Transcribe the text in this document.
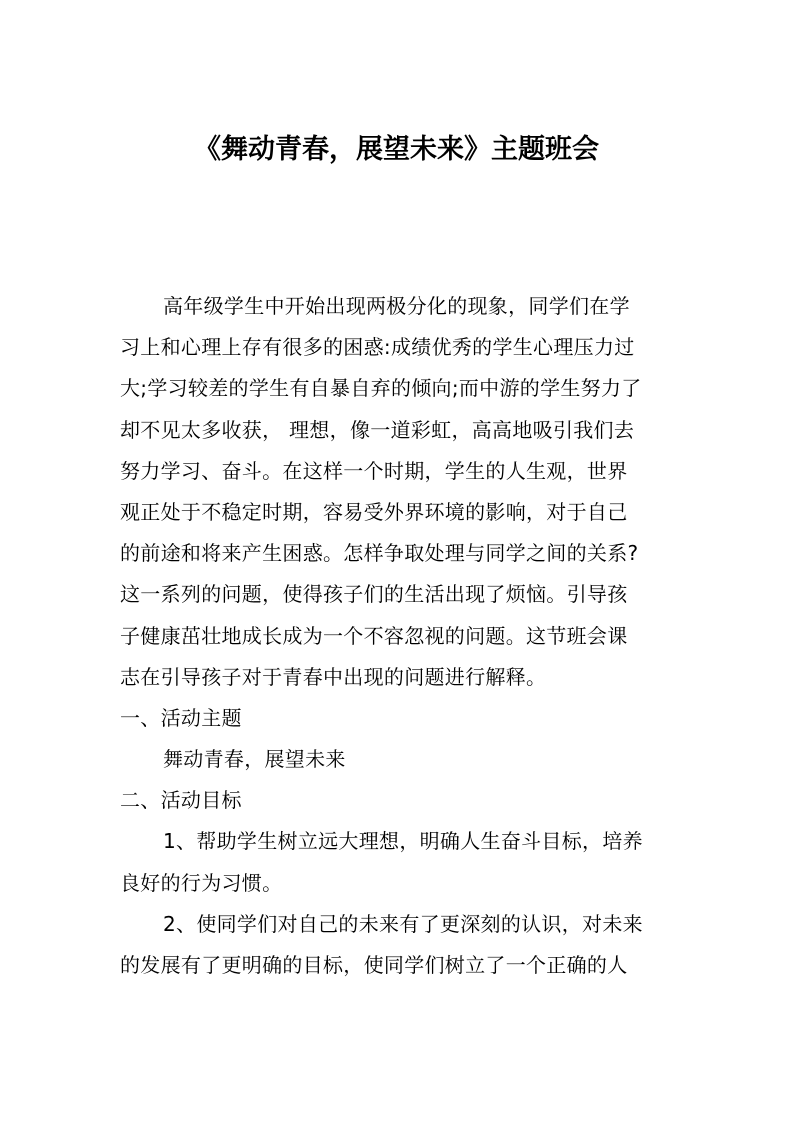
《舞动青春，展望未来》主题班会
高年级学生中开始出现两极分化的现象，同学们在学
习上和心理上存有很多的困惑:成绩优秀的学生心理压力过
大;学习较差的学生有自暴自弃的倾向;而中游的学生努力了
却不见太多收获， 理想，像一道彩虹，高高地吸引我们去
努力学习、奋斗。在这样一个时期，学生的人生观，世界
观正处于不稳定时期，容易受外界环境的影响，对于自己
的前途和将来产生困惑。怎样争取处理与同学之间的关系?
这一系列的问题，使得孩子们的生活出现了烦恼。引导孩
子健康茁壮地成长成为一个不容忽视的问题。这节班会课
志在引导孩子对于青春中出现的问题进行解释。
一、活动主题
舞动青春，展望未来
二、活动目标
1、帮助学生树立远大理想，明确人生奋斗目标，培养
良好的行为习惯。
2、使同学们对自己的未来有了更深刻的认识，对未来
的发展有了更明确的目标，使同学们树立了一个正确的人
